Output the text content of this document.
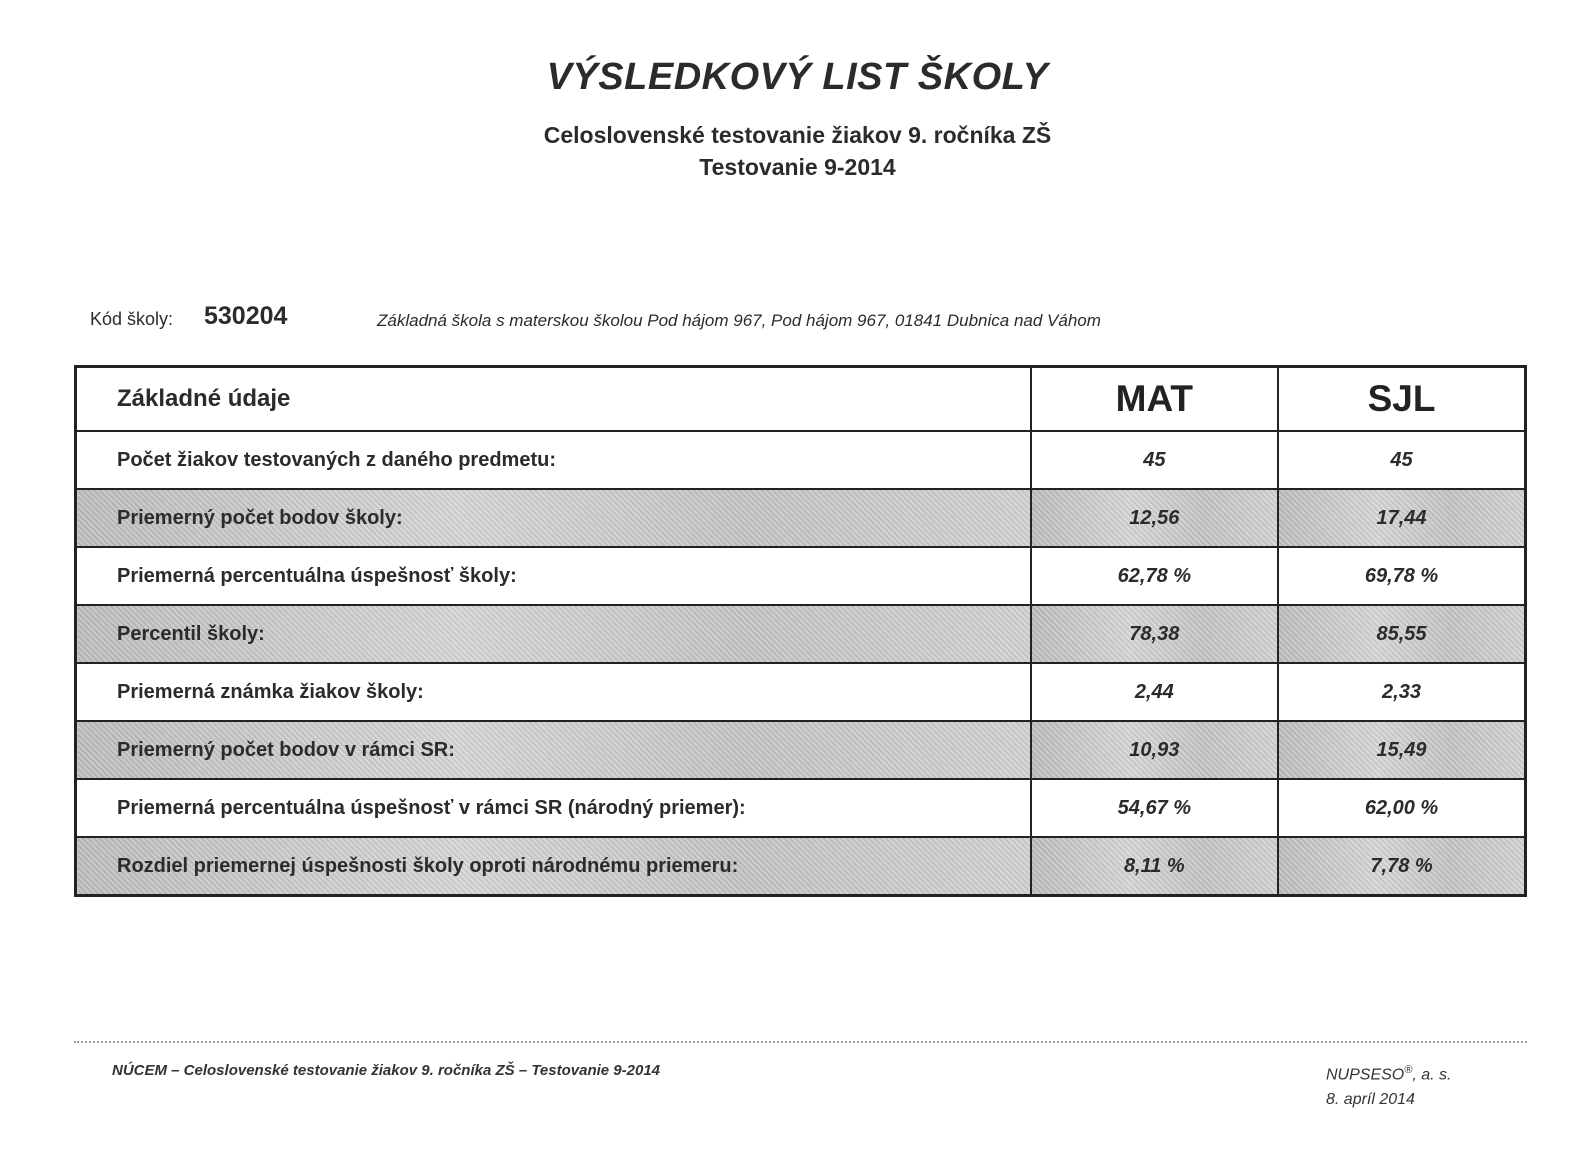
VÝSLEDKOVÝ LIST ŠKOLY
Celoslovenské testovanie žiakov 9. ročníka ZŠ
Testovanie 9-2014
Kód školy: 530204	Základná škola s materskou školou Pod hájom 967, Pod hájom 967, 01841 Dubnica nad Váhom
Základné údaje	MAT	SJL
Počet žiakov testovaných z daného predmetu:	45	45
Priemerný počet bodov školy:	12,56	17,44
Priemerná percentuálna úspešnosť školy:	62,78 %	69,78 %
Percentil školy:	78,38	85,55
Priemerná známka žiakov školy:	2,44	2,33
Priemerný počet bodov v rámci SR:	10,93	15,49
Priemerná percentuálna úspešnosť v rámci SR (národný priemer):	54,67 %	62,00 %
Rozdiel priemernej úspešnosti školy oproti národnému priemeru:	8,11 %	7,78 %
NÚCEM – Celoslovenské testovanie žiakov 9. ročníka ZŠ – Testovanie 9-2014	NUPSESO®, a. s.
8. apríl 2014
